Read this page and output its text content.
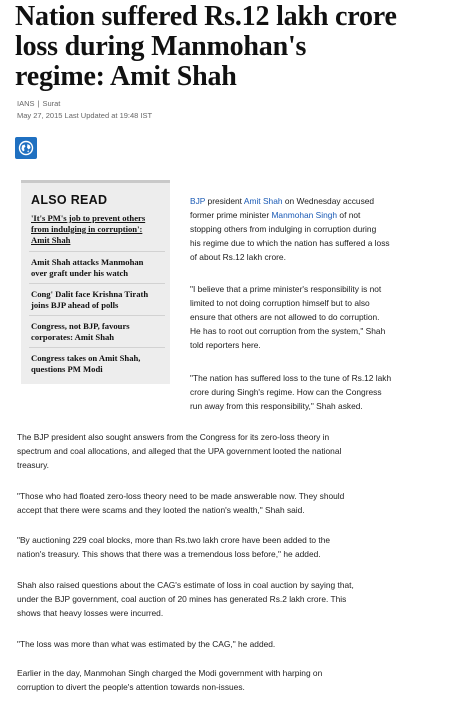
Nation suffered Rs.12 lakh crore
loss during Manmohan's
regime: Amit Shah
IANS | Surat
May 27, 2015 Last Updated at 19:48 IST
ALSO READ
'It's PM's job to prevent others
from indulging in corruption':
Amit Shah
Amit Shah attacks Manmohan
over graft under his watch
Cong' Dalit face Krishna Tirath
joins BJP ahead of polls
Congress, not BJP, favours
corporates: Amit Shah
Congress takes on Amit Shah,
questions PM Modi

BJP president Amit Shah on Wednesday accused
former prime minister Manmohan Singh of not
stopping others from indulging in corruption during
his regime due to which the nation has suffered a loss
of about Rs.12 lakh crore.

"I believe that a prime minister's responsibility is not
limited to not doing corruption himself but to also
ensure that others are not allowed to do corruption.
He has to root out corruption from the system," Shah
told reporters here.

"The nation has suffered loss to the tune of Rs.12 lakh
crore during Singh's regime. How can the Congress
run away from this responsibility," Shah asked.

The BJP president also sought answers from the Congress for its zero-loss theory in
spectrum and coal allocations, and alleged that the UPA government looted the national
treasury.

"Those who had floated zero-loss theory need to be made answerable now. They should
accept that there were scams and they looted the nation's wealth," Shah said.

"By auctioning 229 coal blocks, more than Rs.two lakh crore have been added to the
nation's treasury. This shows that there was a tremendous loss before," he added.

Shah also raised questions about the CAG's estimate of loss in coal auction by saying that,
under the BJP government, coal auction of 20 mines has generated Rs.2 lakh crore. This
shows that heavy losses were incurred.

"The loss was more than what was estimated by the CAG," he added.

Earlier in the day, Manmohan Singh charged the Modi government with harping on
corruption to divert the people's attention towards non-issues.
